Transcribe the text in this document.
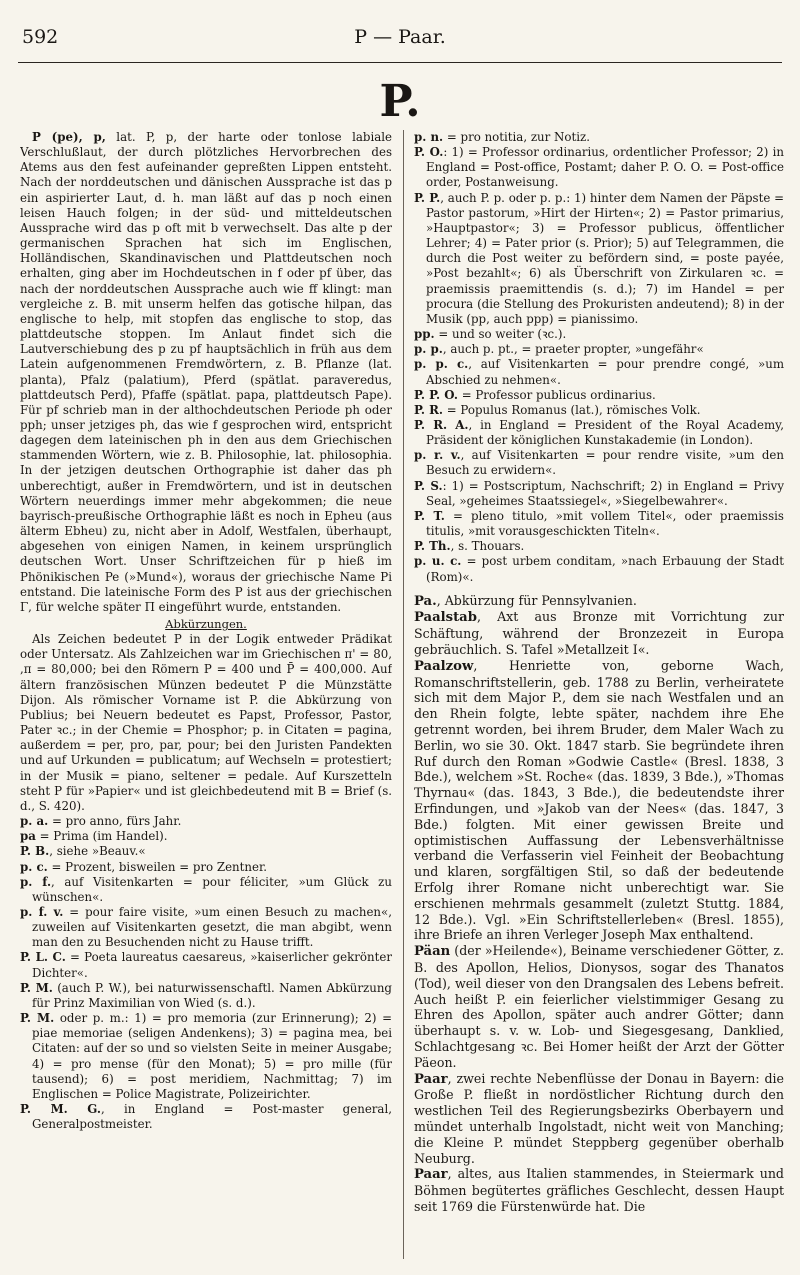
592	P — Paar.
P.

P (pe), p, lat. P, p, der harte oder tonlose labiale Verschlußlaut, der durch plötzliches Hervorbrechen des Atems aus den fest aufeinander gepreßten Lippen entsteht. Nach der norddeutschen und dänischen Aussprache ist das p ein aspirierter Laut, d. h. man läßt auf das p noch einen leisen Hauch folgen; in der süd- und mitteldeutschen Aussprache wird das p oft mit b verwechselt. Das alte p der germanischen Sprachen hat sich im Englischen, Holländischen, Skandinavischen und Plattdeutschen noch erhalten, ging aber im Hochdeutschen in f oder pf über, das nach der norddeutschen Aussprache auch wie ff klingt: man vergleiche z. B. mit unserm helfen das gotische hilpan, das englische to help, mit stopfen das englische to stop, das plattdeutsche stoppen. Im Anlaut findet sich die Lautverschiebung des p zu pf hauptsächlich in früh aus dem Latein aufgenommenen Fremdwörtern, z. B. Pflanze (lat. planta), Pfalz (palatium), Pferd (spätlat. paraveredus, plattdeutsch Perd), Pfaffe (spätlat. papa, plattdeutsch Pape). Für pf schrieb man in der althochdeutschen Periode ph oder pph; unser jetziges ph, das wie f gesprochen wird, entspricht dagegen dem lateinischen ph in den aus dem Griechischen stammenden Wörtern, wie z. B. Philosophie, lat. philosophia. In der jetzigen deutschen Orthographie ist daher das ph unberechtigt, außer in Fremdwörtern, und ist in deutschen Wörtern neuerdings immer mehr abgekommen; die neue bayrisch-preußische Orthographie läßt es noch in Epheu (aus älterm Ebheu) zu, nicht aber in Adolf, Westfalen, überhaupt, abgesehen von einigen Namen, in keinem ursprünglich deutschen Wort. Unser Schriftzeichen für p hieß im Phönikischen Pe (»Mund«), woraus der griechische Name Pi entstand. Die lateinische Form des P ist aus der griechischen Γ, für welche später Π eingeführt wurde, entstanden.

Abkürzungen.

Als Zeichen bedeutet P in der Logik entweder Prädikat oder Untersatz. Als Zahlzeichen war im Griechischen π' = 80, ,π = 80,000; bei den Römern P = 400 und P̄ = 400,000. Auf ältern französischen Münzen bedeutet P die Münzstätte Dijon. Als römischer Vorname ist P. die Abkürzung von Publius; bei Neuern bedeutet es Papst, Professor, Pastor, Pater ꝛc.; in der Chemie = Phosphor; p. in Citaten = pagina, außerdem = per, pro, par, pour; bei den Juristen Pandekten und auf Urkunden = publicatum; auf Wechseln = protestiert; in der Musik = piano, seltener = pedale. Auf Kurszetteln steht P für »Papier« und ist gleichbedeutend mit B = Brief (s. d., S. 420).

p. a. = pro anno, fürs Jahr.

pa = Prima (im Handel).

P. B., siehe »Beauv.«

p. c. = Prozent, bisweilen = pro Zentner.

p. f., auf Visitenkarten = pour féliciter, »um Glück zu wünschen«.

p. f. v. = pour faire visite, »um einen Besuch zu machen«, zuweilen auf Visitenkarten gesetzt, die man abgibt, wenn man den zu Besuchenden nicht zu Hause trifft.

P. L. C. = Poeta laureatus caesareus, »kaiserlicher gekrönter Dichter«.

P. M. (auch P. W.), bei naturwissenschaftl. Namen Abkürzung für Prinz Maximilian von Wied (s. d.).

P. M. oder p. m.: 1) = pro memoria (zur Erinnerung); 2) = piae memoriae (seligen Andenkens); 3) = pagina mea, bei Citaten: auf der so und so vielsten Seite in meiner Ausgabe; 4) = pro mense (für den Monat); 5) = pro mille (für tausend); 6) = post meridiem, Nachmittag; 7) im Englischen = Police Magistrate, Polizeirichter.

P. M. G., in England = Post-master general, Generalpostmeister.

p. n. = pro notitia, zur Notiz.

P. O.: 1) = Professor ordinarius, ordentlicher Professor; 2) in England = Post-office, Postamt; daher P. O. O. = Post-office order, Postanweisung.

P. P., auch P. p. oder p. p.: 1) hinter dem Namen der Päpste = Pastor pastorum, »Hirt der Hirten«; 2) = Pastor primarius, »Hauptpastor«; 3) = Professor publicus, öffentlicher Lehrer; 4) = Pater prior (s. Prior); 5) auf Telegrammen, die durch die Post weiter zu befördern sind, = poste payée, »Post bezahlt«; 6) als Überschrift von Zirkularen ꝛc. = praemissis praemittendis (s. d.); 7) im Handel = per procura (die Stellung des Prokuristen andeutend); 8) in der Musik (pp, auch ppp) = pianissimo.

pp. = und so weiter (ꝛc.).

p. p., auch p. pt., = praeter propter, »ungefähr«

p. p. c., auf Visitenkarten = pour prendre congé, »um Abschied zu nehmen«.

P. P. O. = Professor publicus ordinarius.

P. R. = Populus Romanus (lat.), römisches Volk.

P. R. A., in England = President of the Royal Academy, Präsident der königlichen Kunstakademie (in London).

p. r. v., auf Visitenkarten = pour rendre visite, »um den Besuch zu erwidern«.

P. S.: 1) = Postscriptum, Nachschrift; 2) in England = Privy Seal, »geheimes Staatssiegel«, »Siegelbewahrer«.

P. T. = pleno titulo, »mit vollem Titel«, oder praemissis titulis, »mit vorausgeschickten Titeln«.

P. Th., s. Thouars.

p. u. c. = post urbem conditam, »nach Erbauung der Stadt (Rom)«.

Pa., Abkürzung für Pennsylvanien.

Paalstab, Axt aus Bronze mit Vorrichtung zur Schäftung, während der Bronzezeit in Europa gebräuchlich. S. Tafel »Metallzeit I«.

Paalzow, Henriette von, geborne Wach, Romanschriftstellerin, geb. 1788 zu Berlin, verheiratete sich mit dem Major P., dem sie nach Westfalen und an den Rhein folgte, lebte später, nachdem ihre Ehe getrennt worden, bei ihrem Bruder, dem Maler Wach zu Berlin, wo sie 30. Okt. 1847 starb. Sie begründete ihren Ruf durch den Roman »Godwie Castle« (Bresl. 1838, 3 Bde.), welchem »St. Roche« (das. 1839, 3 Bde.), »Thomas Thyrnau« (das. 1843, 3 Bde.), die bedeutendste ihrer Erfindungen, und »Jakob van der Nees« (das. 1847, 3 Bde.) folgten. Mit einer gewissen Breite und optimistischen Auffassung der Lebensverhältnisse verband die Verfasserin viel Feinheit der Beobachtung und klaren, sorgfältigen Stil, so daß der bedeutende Erfolg ihrer Romane nicht unberechtigt war. Sie erschienen mehrmals gesammelt (zuletzt Stuttg. 1884, 12 Bde.). Vgl. »Ein Schriftstellerleben« (Bresl. 1855), ihre Briefe an ihren Verleger Joseph Max enthaltend.

Päan (der »Heilende«), Beiname verschiedener Götter, z. B. des Apollon, Helios, Dionysos, sogar des Thanatos (Tod), weil dieser von den Drangsalen des Lebens befreit. Auch heißt P. ein feierlicher vielstimmiger Gesang zu Ehren des Apollon, später auch andrer Götter; dann überhaupt s. v. w. Lob- und Siegesgesang, Danklied, Schlachtgesang ꝛc. Bei Homer heißt der Arzt der Götter Päeon.

Paar, zwei rechte Nebenflüsse der Donau in Bayern: die Große P. fließt in nordöstlicher Richtung durch den westlichen Teil des Regierungsbezirks Oberbayern und mündet unterhalb Ingolstadt, nicht weit von Manching; die Kleine P. mündet Steppberg gegenüber oberhalb Neuburg.

Paar, altes, aus Italien stammendes, in Steiermark und Böhmen begütertes gräfliches Geschlecht, dessen Haupt seit 1769 die Fürstenwürde hat. Die
